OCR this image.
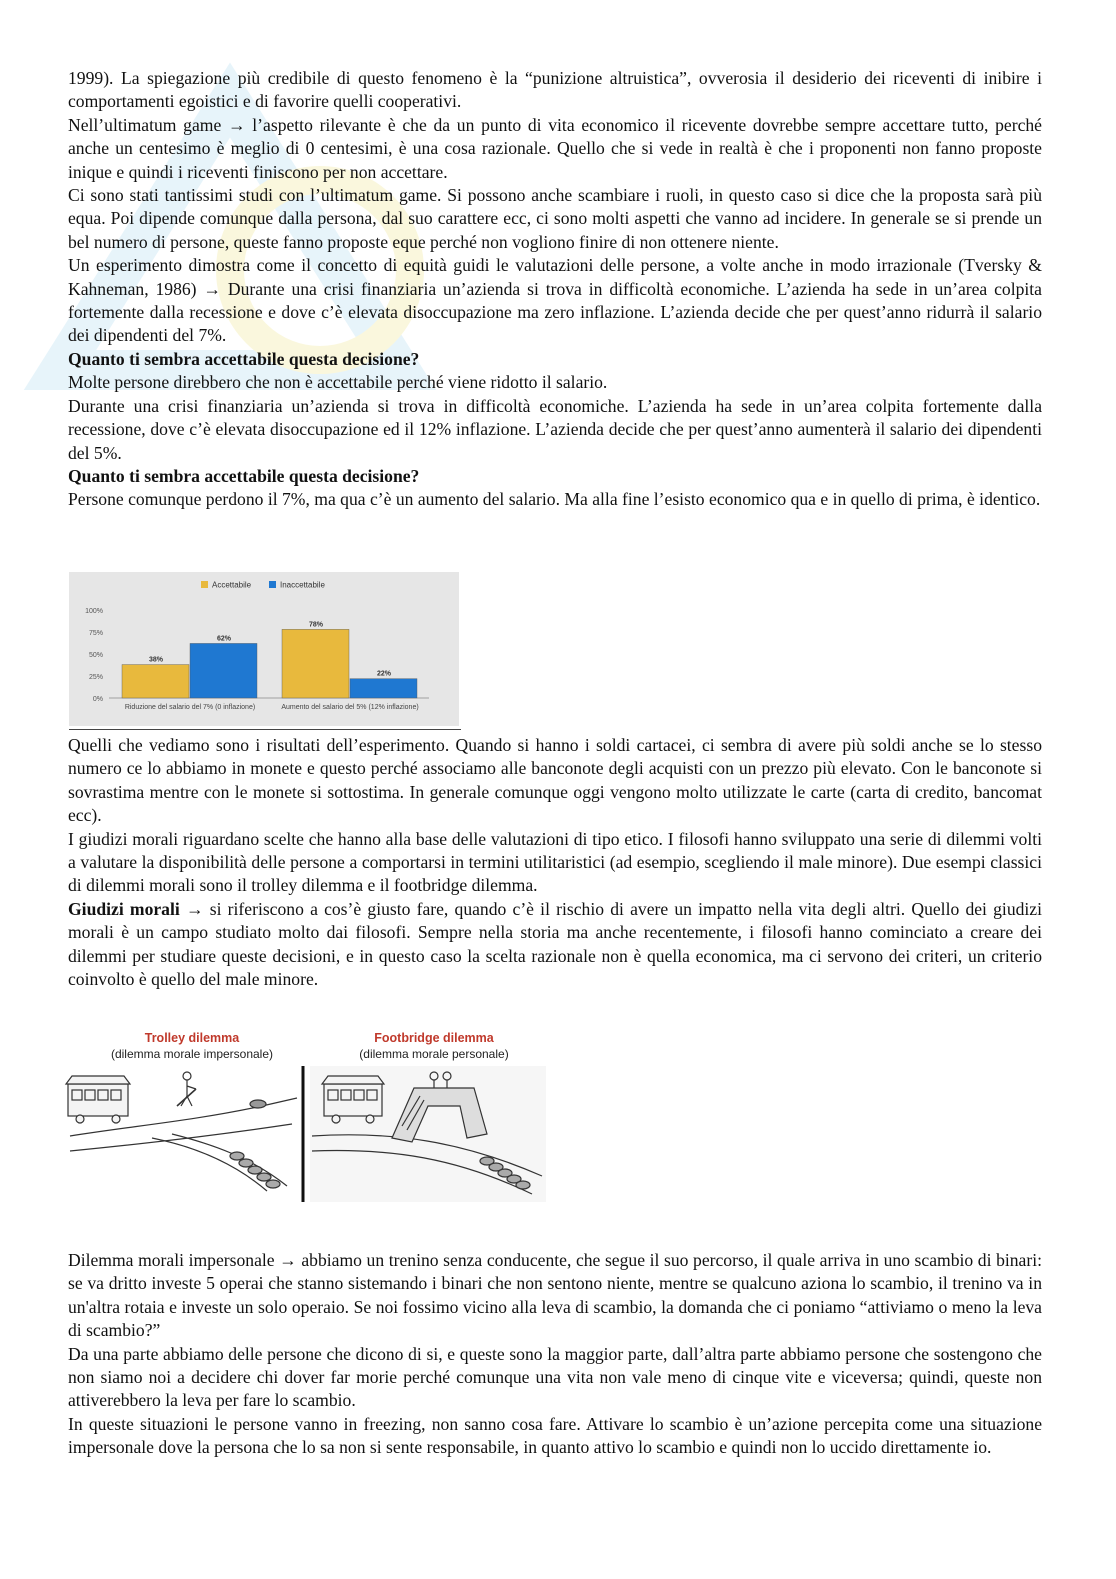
1999). La spiegazione più credibile di questo fenomeno è la “punizione altruistica”, ovverosia il desiderio dei riceventi di inibire i comportamenti egoistici e di favorire quelli cooperativi.

Nell’ultimatum game → l’aspetto rilevante è che da un punto di vita economico il ricevente dovrebbe sempre accettare tutto, perché anche un centesimo è meglio di 0 centesimi, è una cosa razionale. Quello che si vede in realtà è che i proponenti non fanno proposte inique e quindi i riceventi finiscono per non accettare.

Ci sono stati tantissimi studi con l’ultimatum game. Si possono anche scambiare i ruoli, in questo caso si dice che la proposta sarà più equa. Poi dipende comunque dalla persona, dal suo carattere ecc, ci sono molti aspetti che vanno ad incidere. In generale se si prende un bel numero di persone, queste fanno proposte eque perché non vogliono finire di non ottenere niente.

Un esperimento dimostra come il concetto di equità guidi le valutazioni delle persone, a volte anche in modo irrazionale (Tversky & Kahneman, 1986) → Durante una crisi finanziaria un’azienda si trova in difficoltà economiche. L’azienda ha sede in un’area colpita fortemente dalla recessione e dove c’è elevata disoccupazione ma zero inflazione. L’azienda decide che per quest’anno ridurrà il salario dei dipendenti del 7%.

Quanto ti sembra accettabile questa decisione?

Molte persone direbbero che non è accettabile perché viene ridotto il salario.

Durante una crisi finanziaria un’azienda si trova in difficoltà economiche. L’azienda ha sede in un’area colpita fortemente dalla recessione, dove c’è elevata disoccupazione ed il 12% inflazione. L’azienda decide che per quest’anno aumenterà il salario dei dipendenti del 5%.

Quanto ti sembra accettabile questa decisione?

Persone comunque perdono il 7%, ma qua c’è un aumento del salario. Ma alla fine l’esisto economico qua e in quello di prima, è identico.

0%
25%
50%
75%
100%
Accettabile	Inaccettabile
38%
62%
Riduzione del salario del 7% (0 inflazione)
78%
22%
Aumento del salario del 5% (12% inflazione)

Quelli che vediamo sono i risultati dell’esperimento. Quando si hanno i soldi cartacei, ci sembra di avere più soldi anche se lo stesso numero ce lo abbiamo in monete e questo perché associamo alle banconote degli acquisti con un prezzo più elevato. Con le banconote si sovrastima mentre con le monete si sottostima. In generale comunque oggi vengono molto utilizzate le carte (carta di credito, bancomat ecc).

I giudizi morali riguardano scelte che hanno alla base delle valutazioni di tipo etico. I filosofi hanno sviluppato una serie di dilemmi volti a valutare la disponibilità delle persone a comportarsi in termini utilitaristici (ad esempio, scegliendo il male minore). Due esempi classici di dilemmi morali sono il trolley dilemma e il footbridge dilemma.

Giudizi morali → si riferiscono a cos’è giusto fare, quando c’è il rischio di avere un impatto nella vita degli altri. Quello dei giudizi morali è un campo studiato molto dai filosofi. Sempre nella storia ma anche recentemente, i filosofi hanno cominciato a creare dei dilemmi per studiare queste decisioni, e in questo caso la scelta razionale non è quella economica, ma ci servono dei criteri, un criterio coinvolto è quello del male minore.

Trolley dilemma
(dilemma morale impersonale)
Footbridge dilemma
(dilemma morale personale)

Dilemma morali impersonale → abbiamo un trenino senza conducente, che segue il suo percorso, il quale arriva in uno scambio di binari: se va dritto investe 5 operai che stanno sistemando i binari che non sentono niente, mentre se qualcuno aziona lo scambio, il trenino va in un'altra rotaia e investe un solo operaio. Se noi fossimo vicino alla leva di scambio, la domanda che ci poniamo “attiviamo o meno la leva di scambio?”

Da una parte abbiamo delle persone che dicono di si, e queste sono la maggior parte, dall’altra parte abbiamo persone che sostengono che non siamo noi a decidere chi dover far morie perché comunque una vita non vale meno di cinque vite e viceversa; quindi, queste non attiverebbero la leva per fare lo scambio.

In queste situazioni le persone vanno in freezing, non sanno cosa fare. Attivare lo scambio è un’azione percepita come una situazione impersonale dove la persona che lo sa non si sente responsabile, in quanto attivo lo scambio e quindi non lo uccido direttamente io.
